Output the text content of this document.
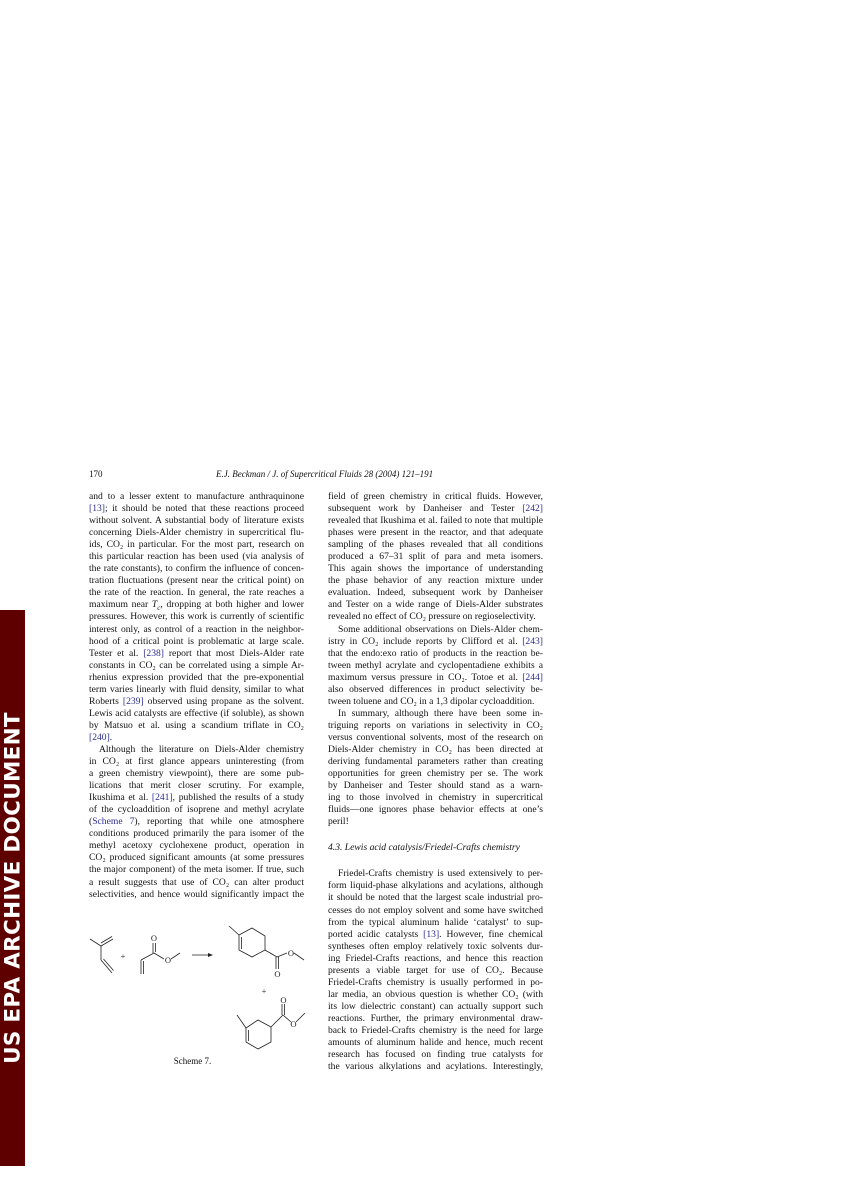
US EPA ARCHIVE DOCUMENT
170	E.J. Beckman / J. of Supercritical Fluids 28 (2004) 121–191
and to a lesser extent to manufacture anthraquinone
[13]; it should be noted that these reactions proceed
without solvent. A substantial body of literature exists
concerning Diels-Alder chemistry in supercritical flu-
ids, CO₂ in particular. For the most part, research on
this particular reaction has been used (via analysis of
the rate constants), to confirm the influence of concen-
tration fluctuations (present near the critical point) on
the rate of the reaction. In general, the rate reaches a
maximum near $T_c$, dropping at both higher and lower
pressures. However, this work is currently of scientific
interest only, as control of a reaction in the neighbor-
hood of a critical point is problematic at large scale.
Tester et al. [238] report that most Diels-Alder rate
constants in CO₂ can be correlated using a simple Ar-
rhenius expression provided that the pre-exponential
term varies linearly with fluid density, similar to what
Roberts [239] observed using propane as the solvent.
Lewis acid catalysts are effective (if soluble), as shown
by Matsuo et al. using a scandium triflate in CO₂
[240].
Although the literature on Diels-Alder chemistry
in CO₂ at first glance appears uninteresting (from
a green chemistry viewpoint), there are some pub-
lications that merit closer scrutiny. For example,
Ikushima et al. [241], published the results of a study
of the cycloaddition of isoprene and methyl acrylate
(Scheme 7), reporting that while one atmosphere
conditions produced primarily the para isomer of the
methyl acetoxy cyclohexene product, operation in
CO₂ produced significant amounts (at some pressures
the major component) of the meta isomer. If true, such
a result suggests that use of CO₂ can alter product
selectivities, and hence would significantly impact the
field of green chemistry in critical fluids. However,
subsequent work by Danheiser and Tester [242]
revealed that Ikushima et al. failed to note that multiple
phases were present in the reactor, and that adequate
sampling of the phases revealed that all conditions
produced a 67–31 split of para and meta isomers.
This again shows the importance of understanding
the phase behavior of any reaction mixture under
evaluation. Indeed, subsequent work by Danheiser
and Tester on a wide range of Diels-Alder substrates
revealed no effect of CO₂ pressure on regioselectivity.
Some additional observations on Diels-Alder chem-
istry in CO₂ include reports by Clifford et al. [243]
that the endo:exo ratio of products in the reaction be-
tween methyl acrylate and cyclopentadiene exhibits a
maximum versus pressure in CO₂. Totoe et al. [244]
also observed differences in product selectivity be-
tween toluene and CO₂ in a 1,3 dipolar cycloaddition.
In summary, although there have been some in-
triguing reports on variations in selectivity in CO₂
versus conventional solvents, most of the research on
Diels-Alder chemistry in CO₂ has been directed at
deriving fundamental parameters rather than creating
opportunities for green chemistry per se. The work
by Danheiser and Tester should stand as a warn-
ing to those involved in chemistry in supercritical
fluids—one ignores phase behavior effects at one’s
peril!
4.3. Lewis acid catalysis/Friedel-Crafts chemistry
Friedel-Crafts chemistry is used extensively to per-
form liquid-phase alkylations and acylations, although
it should be noted that the largest scale industrial pro-
cesses do not employ solvent and some have switched
from the typical aluminum halide ‘catalyst’ to sup-
ported acidic catalysts [13]. However, fine chemical
syntheses often employ relatively toxic solvents dur-
ing Friedel-Crafts reactions, and hence this reaction
presents a viable target for use of CO₂. Because
Friedel-Crafts chemistry is usually performed in po-
lar media, an obvious question is whether CO₂ (with
its low dielectric constant) can actually support such
reactions. Further, the primary environmental draw-
back to Friedel-Crafts chemistry is the need for large
amounts of aluminum halide and hence, much recent
research has focused on finding true catalysts for
the various alkylations and acylations. Interestingly,
O
O
+	O
O
+
O
O
Scheme 7.
